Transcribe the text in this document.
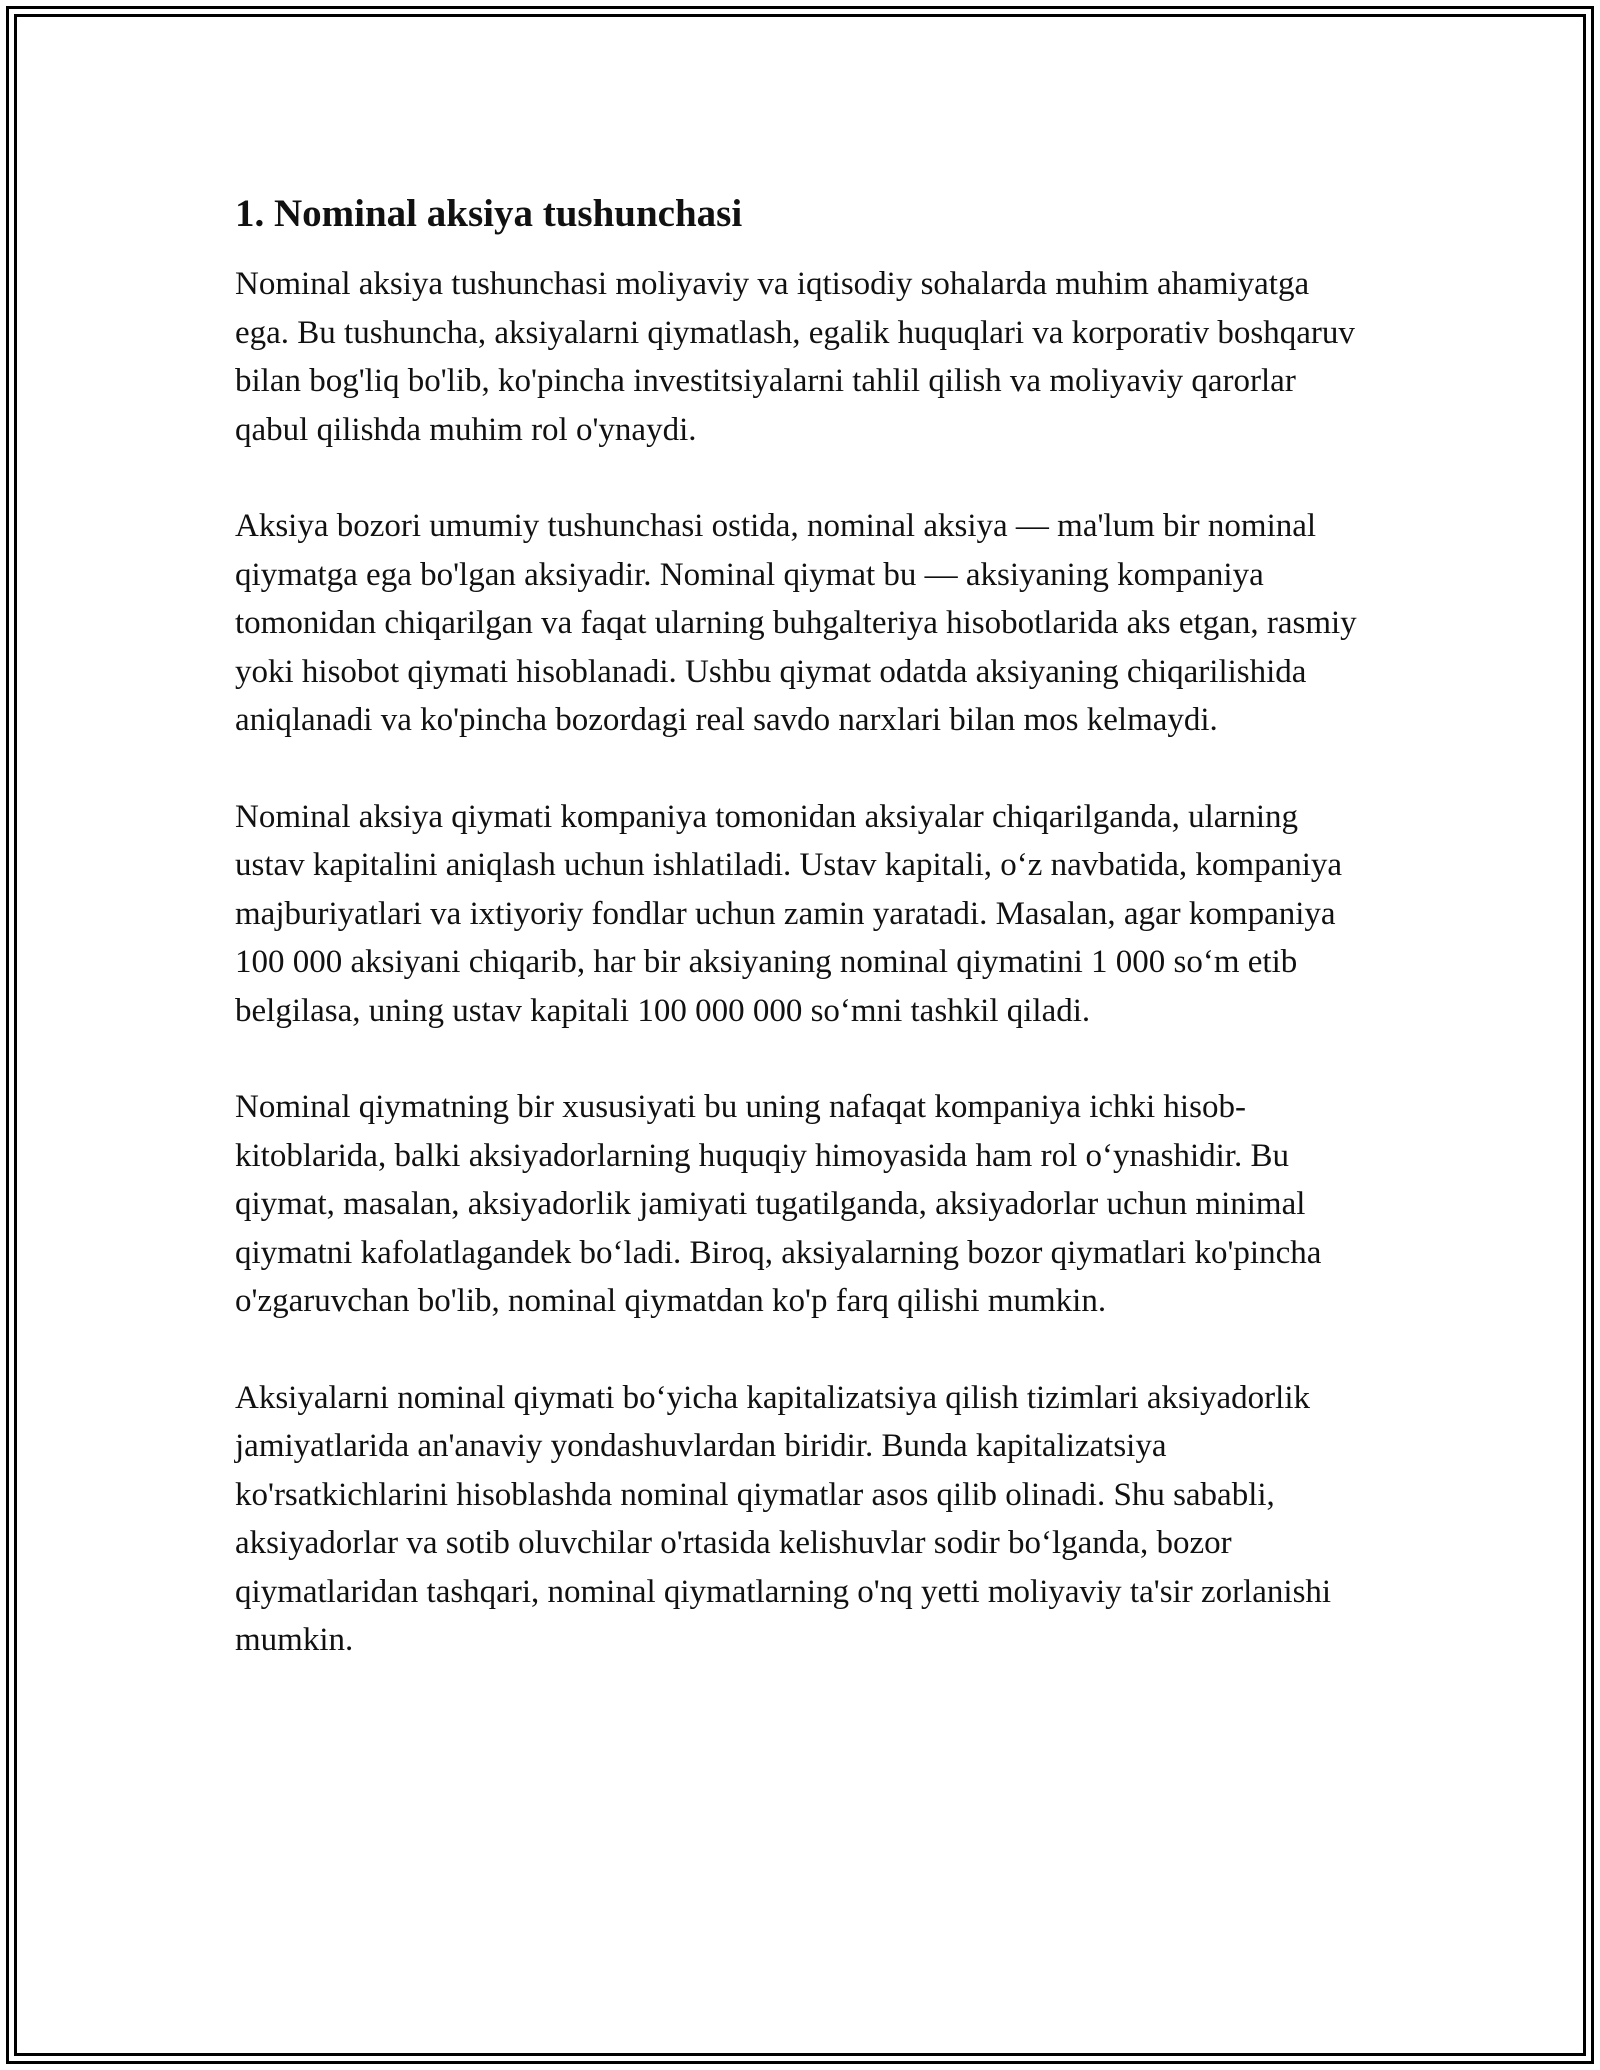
1. Nominal aksiya tushunchasi

Nominal aksiya tushunchasi moliyaviy va iqtisodiy sohalarda muhim ahamiyatga ega. Bu tushuncha, aksiyalarni qiymatlash, egalik huquqlari va korporativ boshqaruv bilan bog'liq bo'lib, ko'pincha investitsiyalarni tahlil qilish va moliyaviy qarorlar qabul qilishda muhim rol o'ynaydi.

Aksiya bozori umumiy tushunchasi ostida, nominal aksiya — ma'lum bir nominal qiymatga ega bo'lgan aksiyadir. Nominal qiymat bu — aksiyaning kompaniya tomonidan chiqarilgan va faqat ularning buhgalteriya hisobotlarida aks etgan, rasmiy yoki hisobot qiymati hisoblanadi. Ushbu qiymat odatda aksiyaning chiqarilishida aniqlanadi va ko'pincha bozordagi real savdo narxlari bilan mos kelmaydi.

Nominal aksiya qiymati kompaniya tomonidan aksiyalar chiqarilganda, ularning ustav kapitalini aniqlash uchun ishlatiladi. Ustav kapitali, o‘z navbatida, kompaniya majburiyatlari va ixtiyoriy fondlar uchun zamin yaratadi. Masalan, agar kompaniya 100 000 aksiyani chiqarib, har bir aksiyaning nominal qiymatini 1 000 so‘m etib belgilasa, uning ustav kapitali 100 000 000 so‘mni tashkil qiladi.

Nominal qiymatning bir xususiyati bu uning nafaqat kompaniya ichki hisob-kitoblarida, balki aksiyadorlarning huquqiy himoyasida ham rol o‘ynashidir. Bu qiymat, masalan, aksiyadorlik jamiyati tugatilganda, aksiyadorlar uchun minimal qiymatni kafolatlagandek bo‘ladi. Biroq, aksiyalarning bozor qiymatlari ko'pincha o'zgaruvchan bo'lib, nominal qiymatdan ko'p farq qilishi mumkin.

Aksiyalarni nominal qiymati bo‘yicha kapitalizatsiya qilish tizimlari aksiyadorlik jamiyatlarida an'anaviy yondashuvlardan biridir. Bunda kapitalizatsiya ko'rsatkichlarini hisoblashda nominal qiymatlar asos qilib olinadi. Shu sababli, aksiyadorlar va sotib oluvchilar o'rtasida kelishuvlar sodir bo‘lganda, bozor qiymatlaridan tashqari, nominal qiymatlarning o'nq yetti moliyaviy ta'sir zorlanishi mumkin.
